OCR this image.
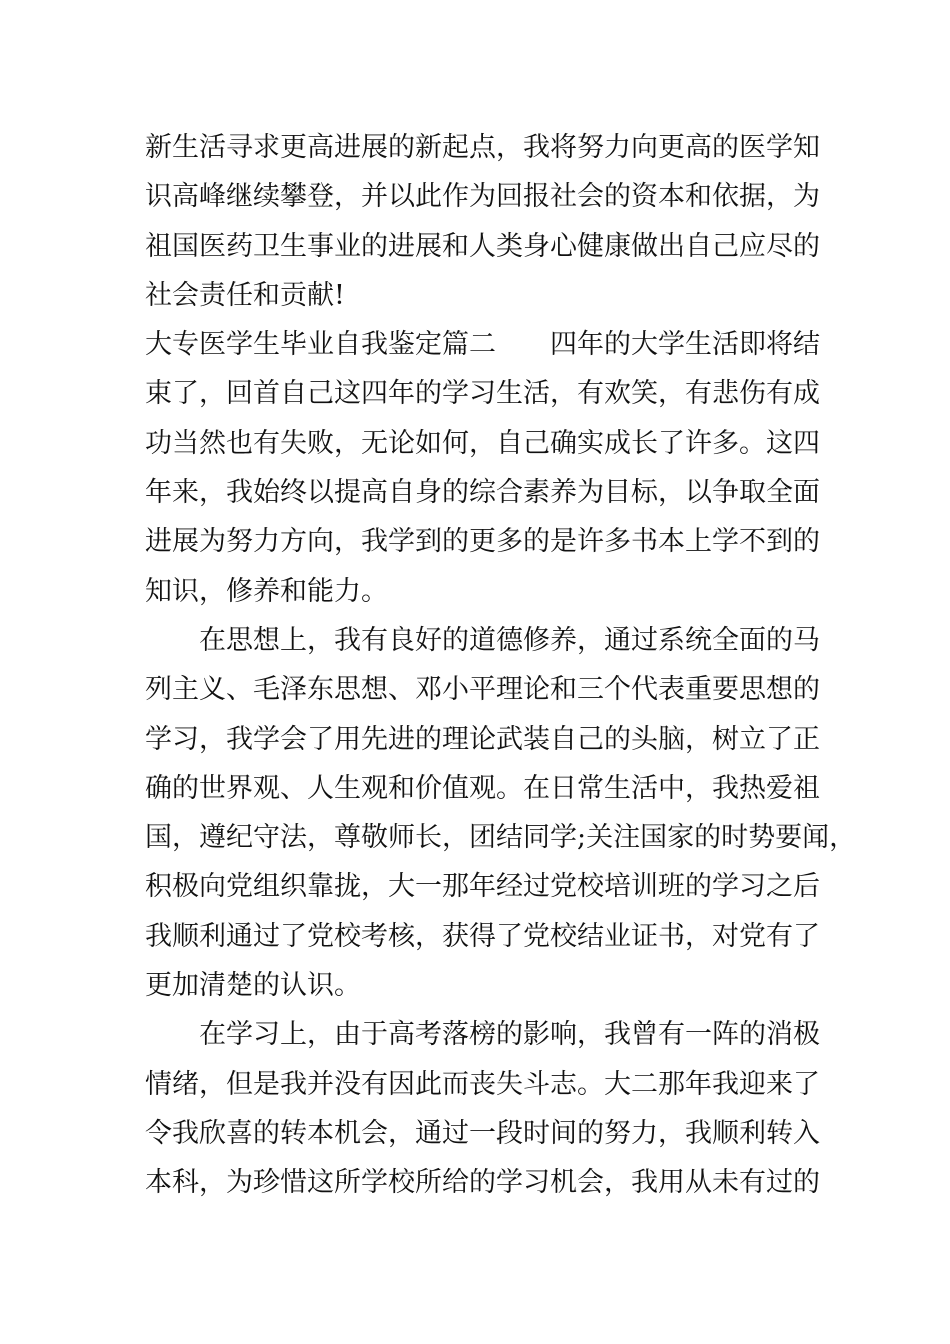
新生活寻求更高进展的新起点，我将努力向更高的医学知
识高峰继续攀登，并以此作为回报社会的资本和依据，为
祖国医药卫生事业的进展和人类身心健康做出自己应尽的
社会责任和贡献!
大专医学生毕业自我鉴定篇二 四年的大学生活即将结
束了，回首自己这四年的学习生活，有欢笑，有悲伤有成
功当然也有失败，无论如何，自己确实成长了许多。这四
年来，我始终以提高自身的综合素养为目标，以争取全面
进展为努力方向，我学到的更多的是许多书本上学不到的
知识，修养和能力。
在思想上，我有良好的道德修养，通过系统全面的马
列主义、毛泽东思想、邓小平理论和三个代表重要思想的
学习，我学会了用先进的理论武装自己的头脑，树立了正
确的世界观、人生观和价值观。在日常生活中，我热爱祖
国，遵纪守法，尊敬师长，团结同学;关注国家的时势要闻，
积极向党组织靠拢，大一那年经过党校培训班的学习之后
我顺利通过了党校考核，获得了党校结业证书，对党有了
更加清楚的认识。
在学习上，由于高考落榜的影响，我曾有一阵的消极
情绪，但是我并没有因此而丧失斗志。大二那年我迎来了
令我欣喜的转本机会，通过一段时间的努力，我顺利转入
本科，为珍惜这所学校所给的学习机会，我用从未有过的
